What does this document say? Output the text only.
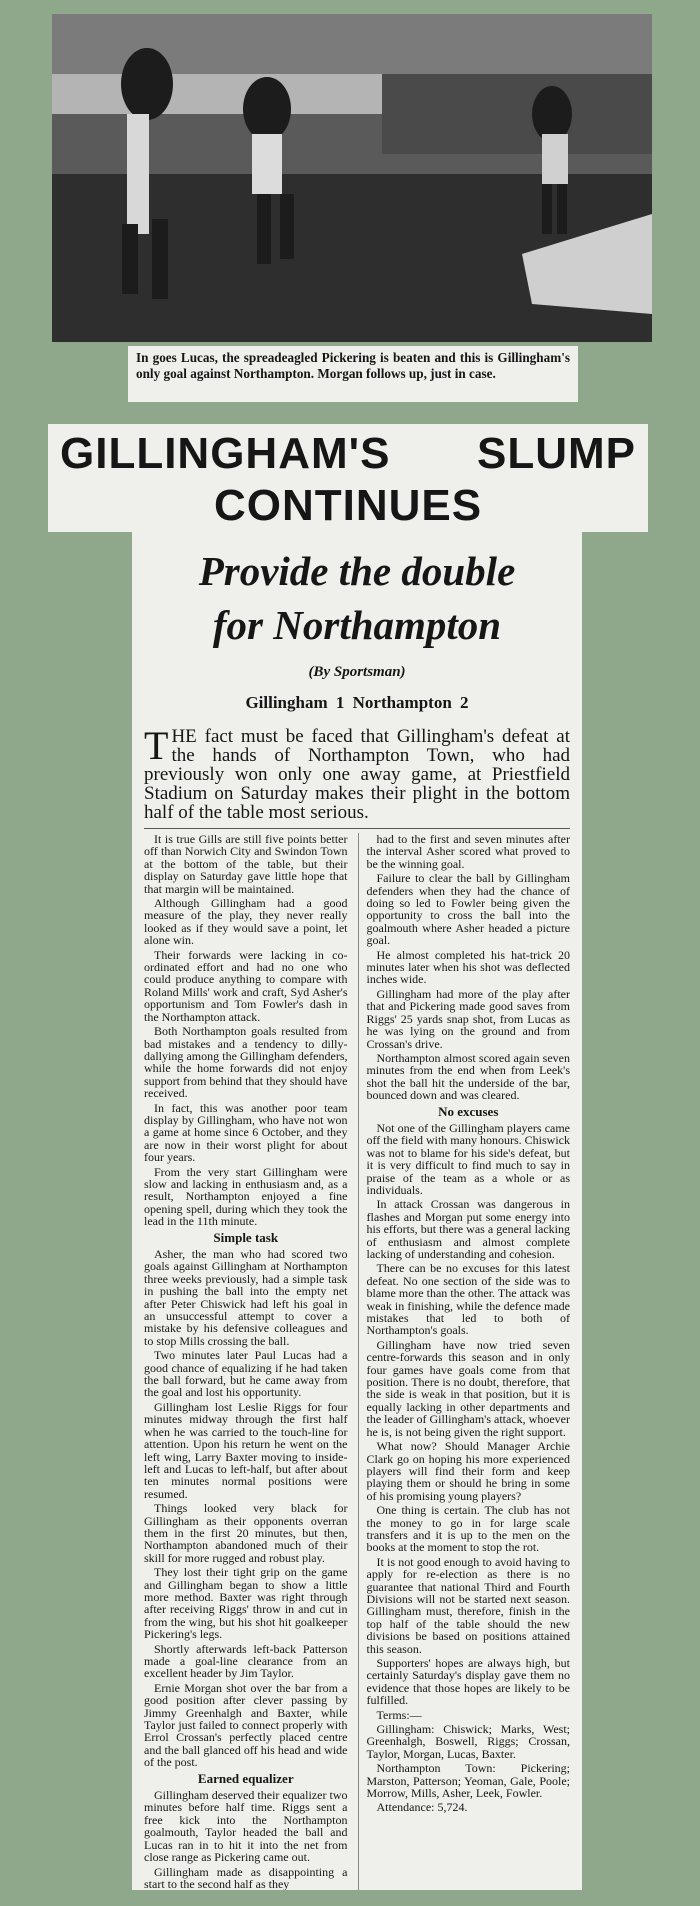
In goes Lucas, the spreadeagled Pickering is beaten and this is Gillingham's only goal against Northampton. Morgan follows up, just in case.
GILLINGHAM'S SLUMP
CONTINUES
Provide the double
for Northampton
(By Sportsman)
Gillingham 1 Northampton 2

THE fact must be faced that Gillingham's defeat at the hands of Northampton Town, who had previously won only one away game, at Priestfield Stadium on Saturday makes their plight in the bottom half of the table most serious.

It is true Gills are still five points better off than Norwich City and Swindon Town at the bottom of the table, but their display on Saturday gave little hope that that margin will be maintained.

Although Gillingham had a good measure of the play, they never really looked as if they would save a point, let alone win.

Their forwards were lacking in co-ordinated effort and had no one who could produce anything to compare with Roland Mills' work and craft, Syd Asher's opportunism and Tom Fowler's dash in the Northampton attack.

Both Northampton goals resulted from bad mistakes and a tendency to dilly-dallying among the Gillingham defenders, while the home forwards did not enjoy support from behind that they should have received.

In fact, this was another poor team display by Gillingham, who have not won a game at home since 6 October, and they are now in their worst plight for about four years.

From the very start Gillingham were slow and lacking in enthusiasm and, as a result, Northampton enjoyed a fine opening spell, during which they took the lead in the 11th minute.

Simple task

Asher, the man who had scored two goals against Gillingham at Northampton three weeks previously, had a simple task in pushing the ball into the empty net after Peter Chiswick had left his goal in an unsuccessful attempt to cover a mistake by his defensive colleagues and to stop Mills crossing the ball.

Two minutes later Paul Lucas had a good chance of equalizing if he had taken the ball forward, but he came away from the goal and lost his opportunity.

Gillingham lost Leslie Riggs for four minutes midway through the first half when he was carried to the touch-line for attention. Upon his return he went on the left wing, Larry Baxter moving to inside-left and Lucas to left-half, but after about ten minutes normal positions were resumed.

Things looked very black for Gillingham as their opponents overran them in the first 20 minutes, but then, Northampton abandoned much of their skill for more rugged and robust play.

They lost their tight grip on the game and Gillingham began to show a little more method. Baxter was right through after receiving Riggs' throw in and cut in from the wing, but his shot hit goalkeeper Pickering's legs.

Shortly afterwards left-back Patterson made a goal-line clearance from an excellent header by Jim Taylor.

Ernie Morgan shot over the bar from a good position after clever passing by Jimmy Greenhalgh and Baxter, while Taylor just failed to connect properly with Errol Crossan's perfectly placed centre and the ball glanced off his head and wide of the post.

Earned equalizer

Gillingham deserved their equalizer two minutes before half time. Riggs sent a free kick into the Northampton goalmouth, Taylor headed the ball and Lucas ran in to hit it into the net from close range as Pickering came out.

Gillingham made as disappointing a start to the second half as they

had to the first and seven minutes after the interval Asher scored what proved to be the winning goal.

Failure to clear the ball by Gillingham defenders when they had the chance of doing so led to Fowler being given the opportunity to cross the ball into the goalmouth where Asher headed a picture goal.

He almost completed his hat-trick 20 minutes later when his shot was deflected inches wide.

Gillingham had more of the play after that and Pickering made good saves from Riggs' 25 yards snap shot, from Lucas as he was lying on the ground and from Crossan's drive.

Northampton almost scored again seven minutes from the end when from Leek's shot the ball hit the underside of the bar, bounced down and was cleared.

No excuses

Not one of the Gillingham players came off the field with many honours. Chiswick was not to blame for his side's defeat, but it is very difficult to find much to say in praise of the team as a whole or as individuals.

In attack Crossan was dangerous in flashes and Morgan put some energy into his efforts, but there was a general lacking of enthusiasm and almost complete lacking of understanding and cohesion.

There can be no excuses for this latest defeat. No one section of the side was to blame more than the other. The attack was weak in finishing, while the defence made mistakes that led to both of Northampton's goals.

Gillingham have now tried seven centre-forwards this season and in only four games have goals come from that position. There is no doubt, therefore, that the side is weak in that position, but it is equally lacking in other departments and the leader of Gillingham's attack, whoever he is, is not being given the right support.

What now? Should Manager Archie Clark go on hoping his more experienced players will find their form and keep playing them or should he bring in some of his promising young players?

One thing is certain. The club has not the money to go in for large scale transfers and it is up to the men on the books at the moment to stop the rot.

It is not good enough to avoid having to apply for re-election as there is no guarantee that national Third and Fourth Divisions will not be started next season. Gillingham must, therefore, finish in the top half of the table should the new divisions be based on positions attained this season.

Supporters' hopes are always high, but certainly Saturday's display gave them no evidence that those hopes are likely to be fulfilled.

Terms:—

Gillingham: Chiswick; Marks, West; Greenhalgh, Boswell, Riggs; Crossan, Taylor, Morgan, Lucas, Baxter.

Northampton Town: Pickering; Marston, Patterson; Yeoman, Gale, Poole; Morrow, Mills, Asher, Leek, Fowler.

Attendance: 5,724.
